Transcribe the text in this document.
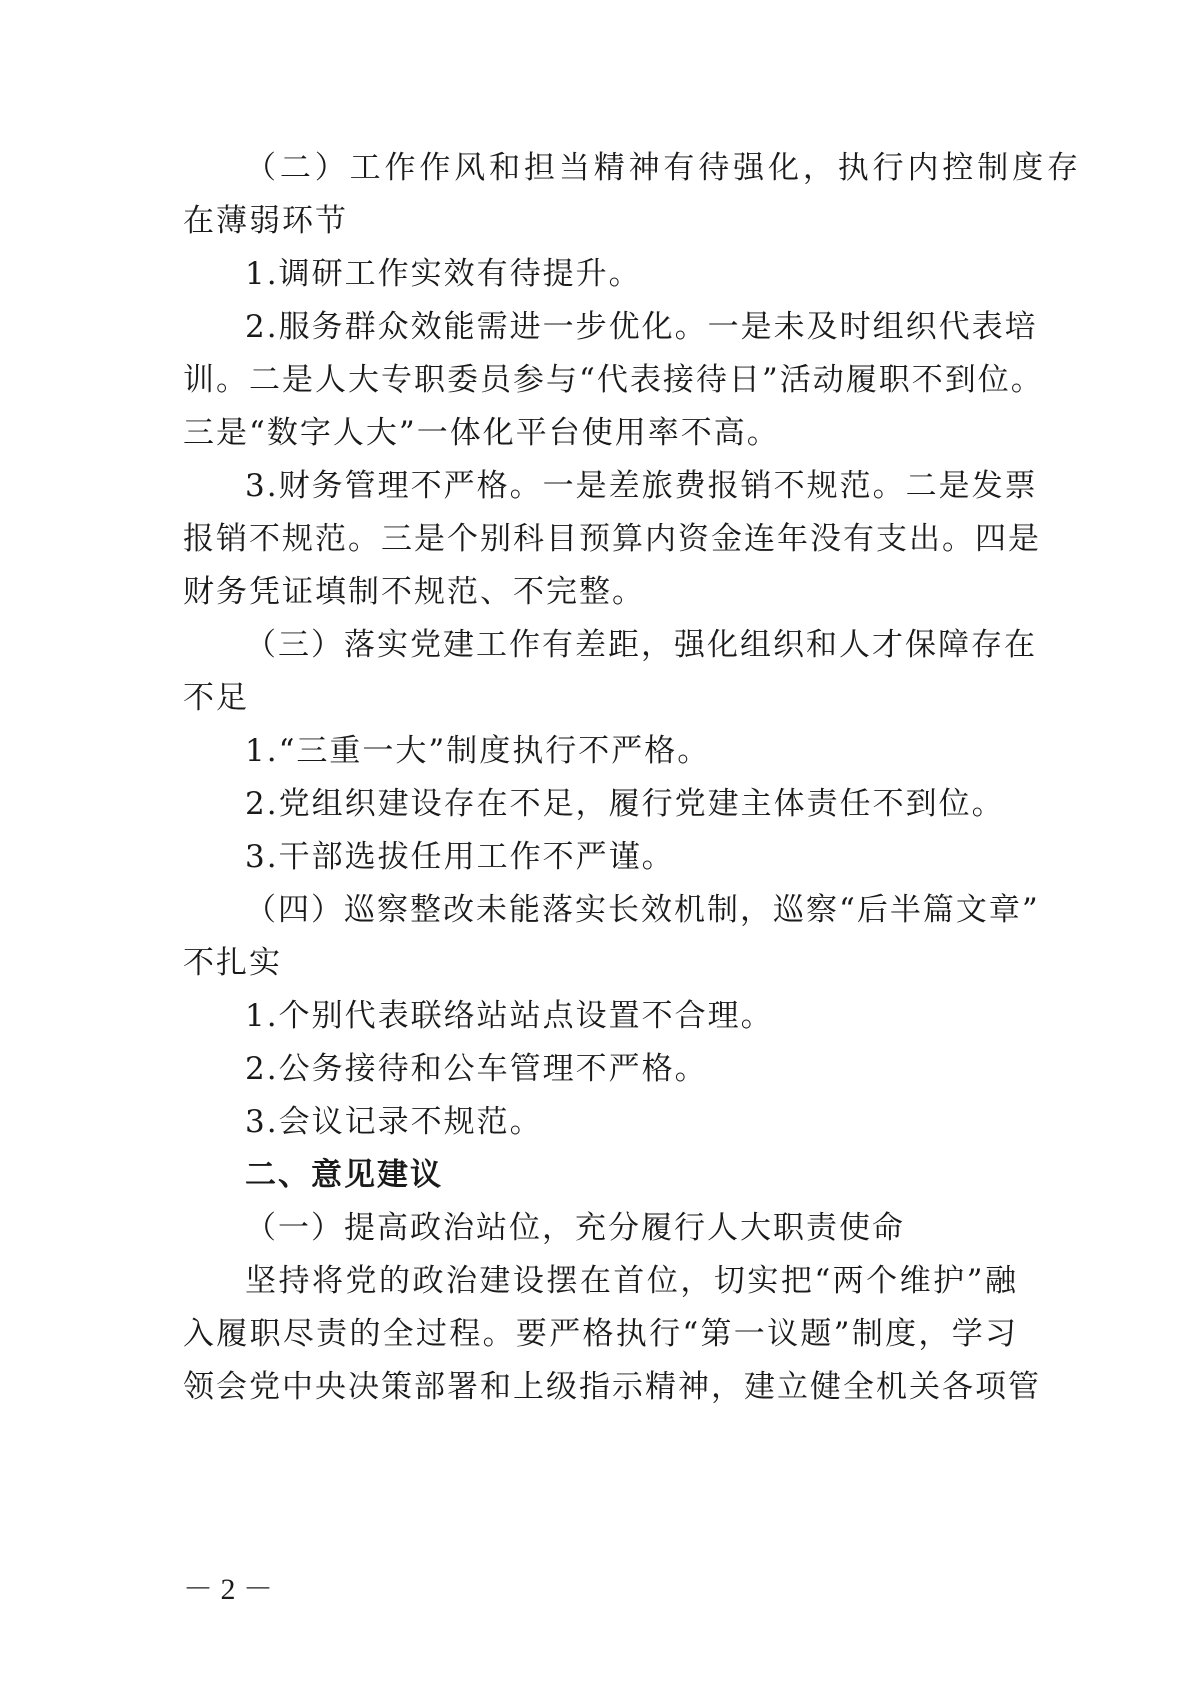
（二）工作作风和担当精神有待强化，执行内控制度存
在薄弱环节
1.调研工作实效有待提升。
2.服务群众效能需进一步优化。一是未及时组织代表培
训。二是人大专职委员参与“代表接待日”活动履职不到位。
三是“数字人大”一体化平台使用率不高。
3.财务管理不严格。一是差旅费报销不规范。二是发票
报销不规范。三是个别科目预算内资金连年没有支出。四是
财务凭证填制不规范、不完整。
（三）落实党建工作有差距，强化组织和人才保障存在
不足
1.“三重一大”制度执行不严格。
2.党组织建设存在不足，履行党建主体责任不到位。
3.干部选拔任用工作不严谨。
（四）巡察整改未能落实长效机制，巡察“后半篇文章”
不扎实
1.个别代表联络站站点设置不合理。
2.公务接待和公车管理不严格。
3.会议记录不规范。
二、意见建议
（一）提高政治站位，充分履行人大职责使命
坚持将党的政治建设摆在首位，切实把“两个维护”融
入履职尽责的全过程。要严格执行“第一议题”制度，学习
领会党中央决策部署和上级指示精神，建立健全机关各项管
－ 2 －
